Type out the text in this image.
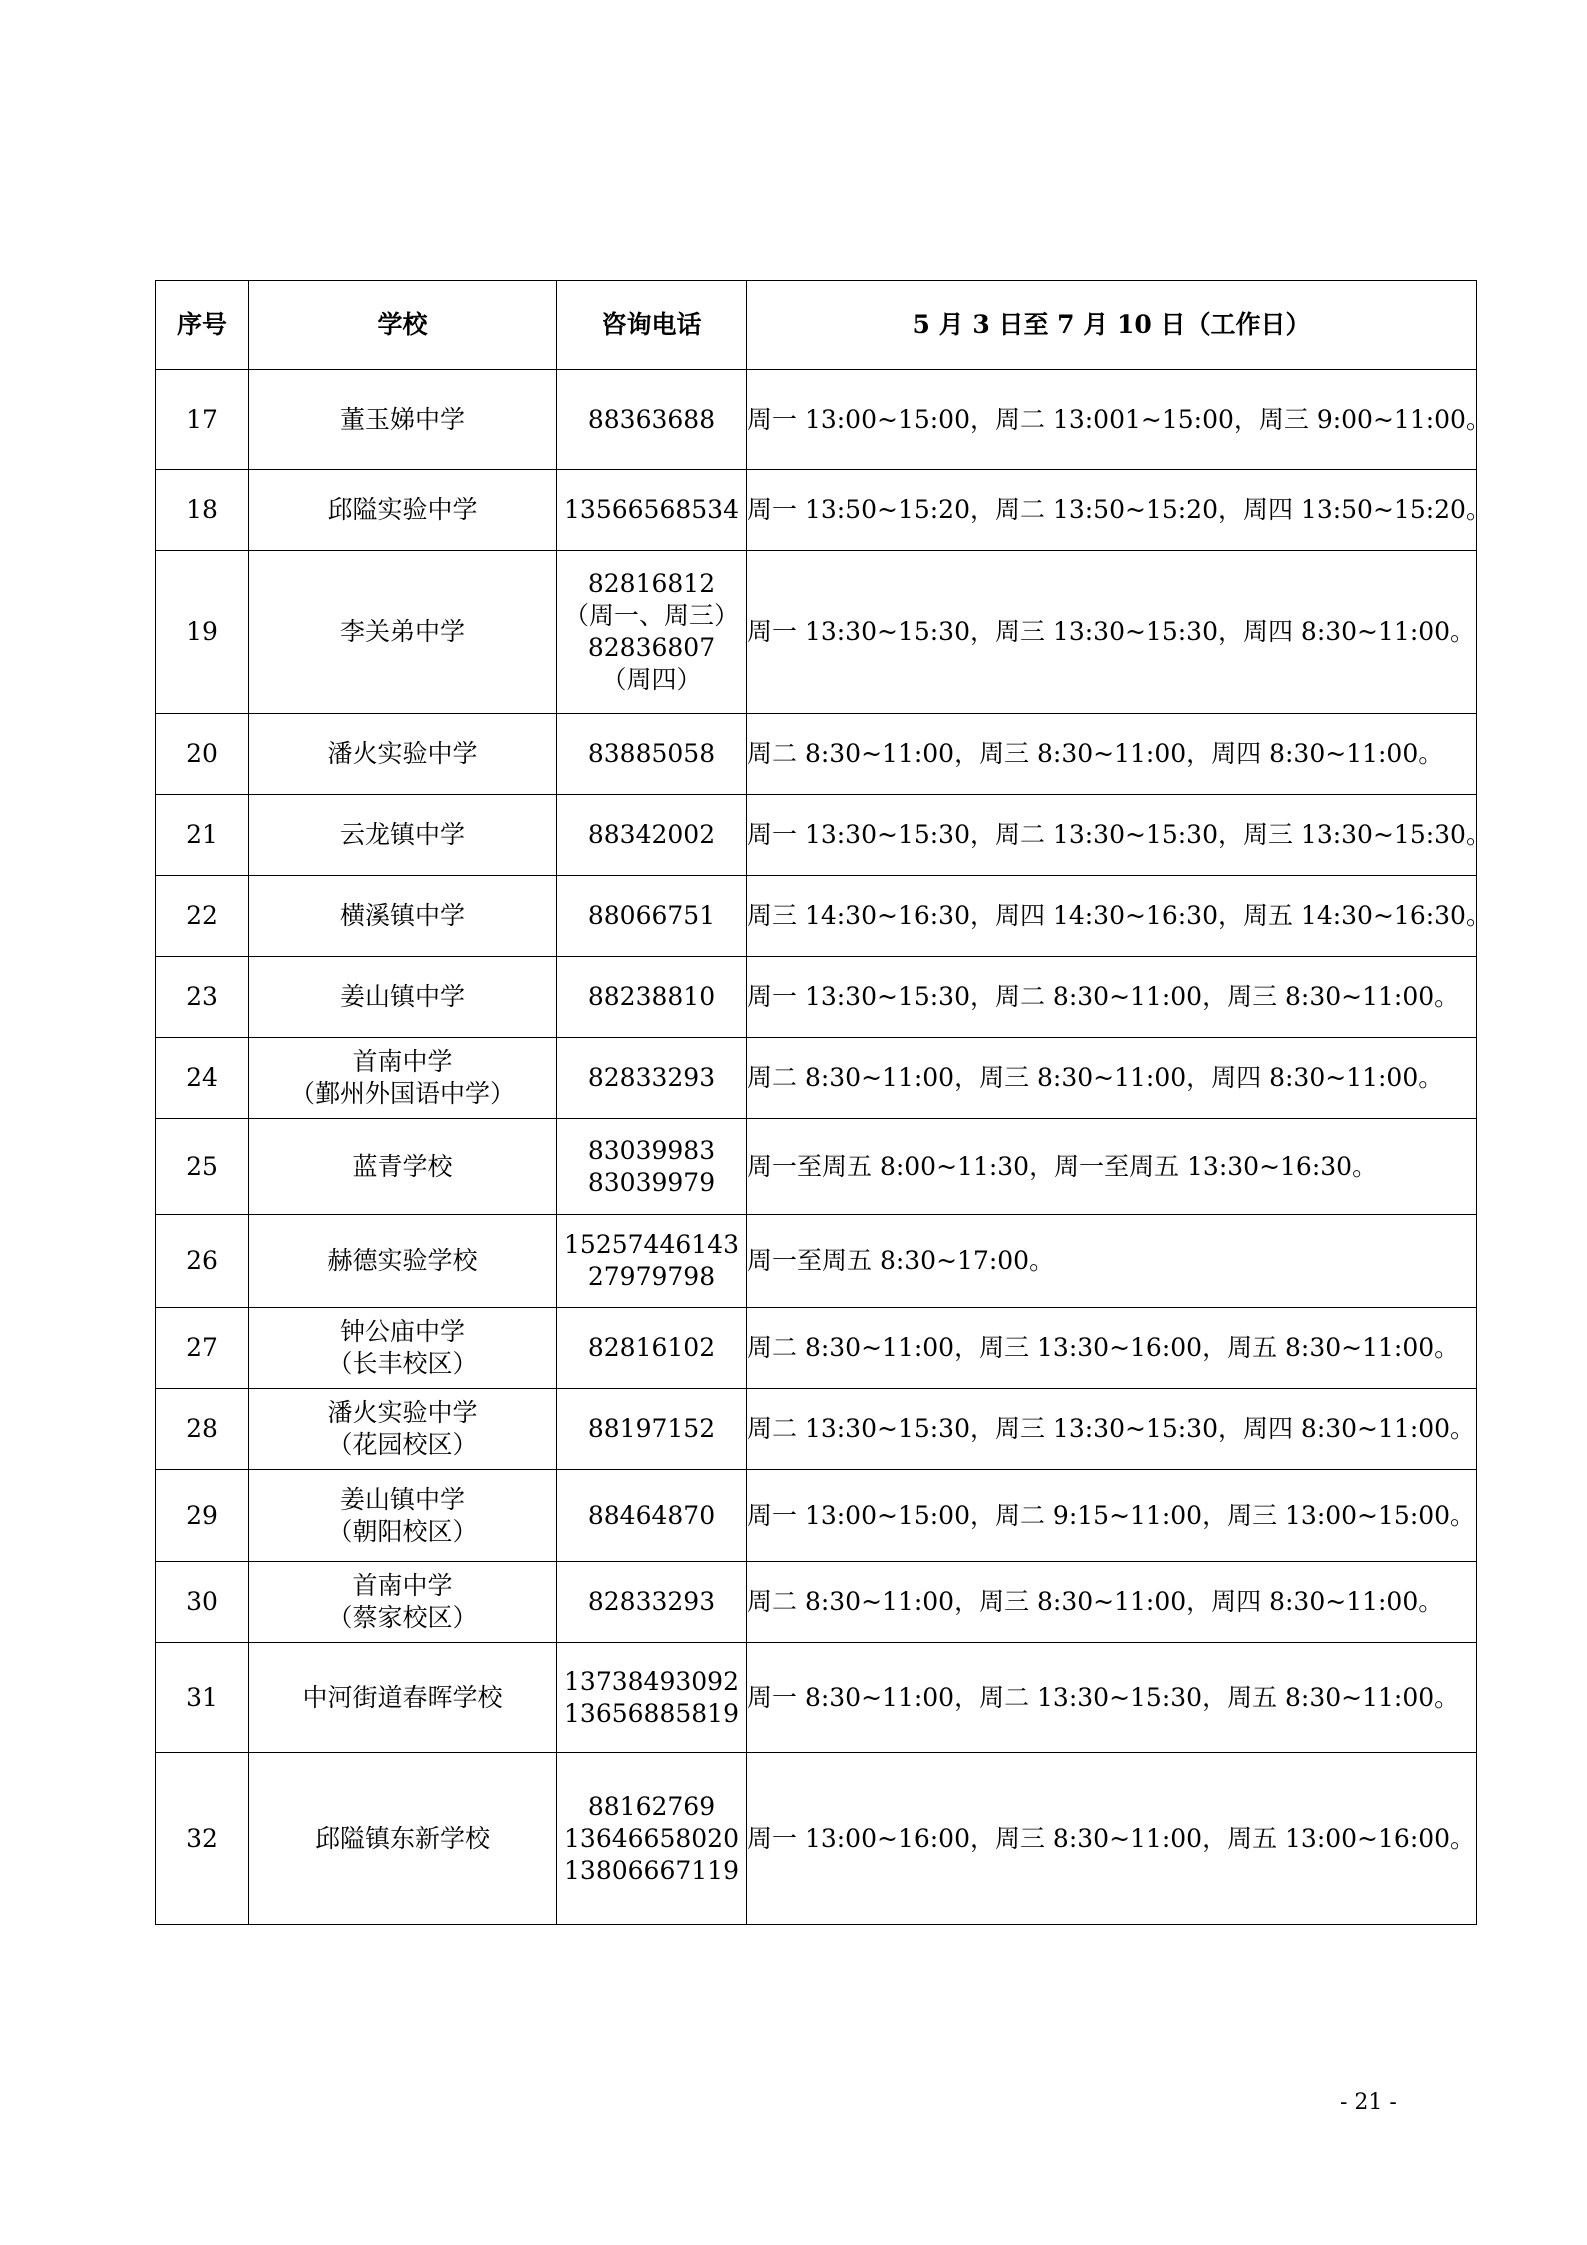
序号	学校	咨询电话	5 月 3 日至 7 月 10 日（工作日）
17	董玉娣中学	88363688	周一 13:00~15:00，周二 13:001~15:00，周三 9:00~11:00。
18	邱隘实验中学	13566568534	周一 13:50~15:20，周二 13:50~15:20，周四 13:50~15:20。
19	李关弟中学	82816812
（周一、周三）
82836807
（周四）	周一 13:30~15:30，周三 13:30~15:30，周四 8:30~11:00。
20	潘火实验中学	83885058	周二 8:30~11:00，周三 8:30~11:00，周四 8:30~11:00。
21	云龙镇中学	88342002	周一 13:30~15:30，周二 13:30~15:30，周三 13:30~15:30。
22	横溪镇中学	88066751	周三 14:30~16:30，周四 14:30~16:30，周五 14:30~16:30。
23	姜山镇中学	88238810	周一 13:30~15:30，周二 8:30~11:00，周三 8:30~11:00。
24	首南中学
（鄞州外国语中学）	82833293	周二 8:30~11:00，周三 8:30~11:00，周四 8:30~11:00。
25	蓝青学校	83039983
83039979	周一至周五 8:00~11:30，周一至周五 13:30~16:30。
26	赫德实验学校	15257446143
27979798	周一至周五 8:30~17:00。
27	钟公庙中学
（长丰校区）	82816102	周二 8:30~11:00，周三 13:30~16:00，周五 8:30~11:00。
28	潘火实验中学
（花园校区）	88197152	周二 13:30~15:30，周三 13:30~15:30，周四 8:30~11:00。
29	姜山镇中学
（朝阳校区）	88464870	周一 13:00~15:00，周二 9:15~11:00，周三 13:00~15:00。
30	首南中学
（蔡家校区）	82833293	周二 8:30~11:00，周三 8:30~11:00，周四 8:30~11:00。
31	中河街道春晖学校	13738493092
13656885819	周一 8:30~11:00，周二 13:30~15:30，周五 8:30~11:00。
32	邱隘镇东新学校	88162769
13646658020
13806667119	周一 13:00~16:00，周三 8:30~11:00，周五 13:00~16:00。
- 21 -
